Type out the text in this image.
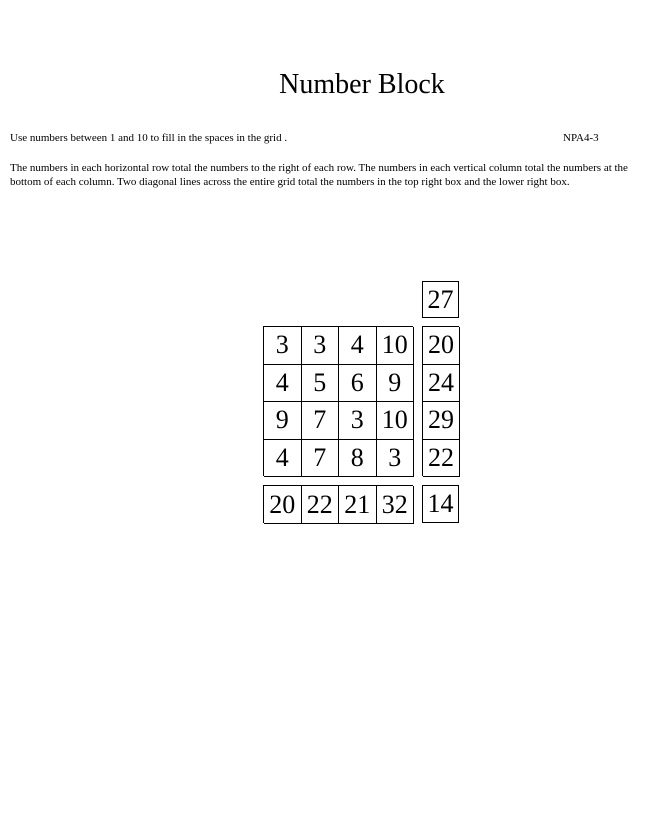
Number Block
Use numbers between 1 and 10 to fill in the spaces in the grid .	NPA4-3
The numbers in each horizontal row total the numbers to the right of each row. The numbers in each vertical column total the numbers at the bottom of each column. Two diagonal lines across the entire grid total the numbers in the top right box and the lower right box.
27
3 3 4 10
4 5 6 9
9 7 3 10
4 7 8 3
20
24
29
22
20 22 21 32 14
